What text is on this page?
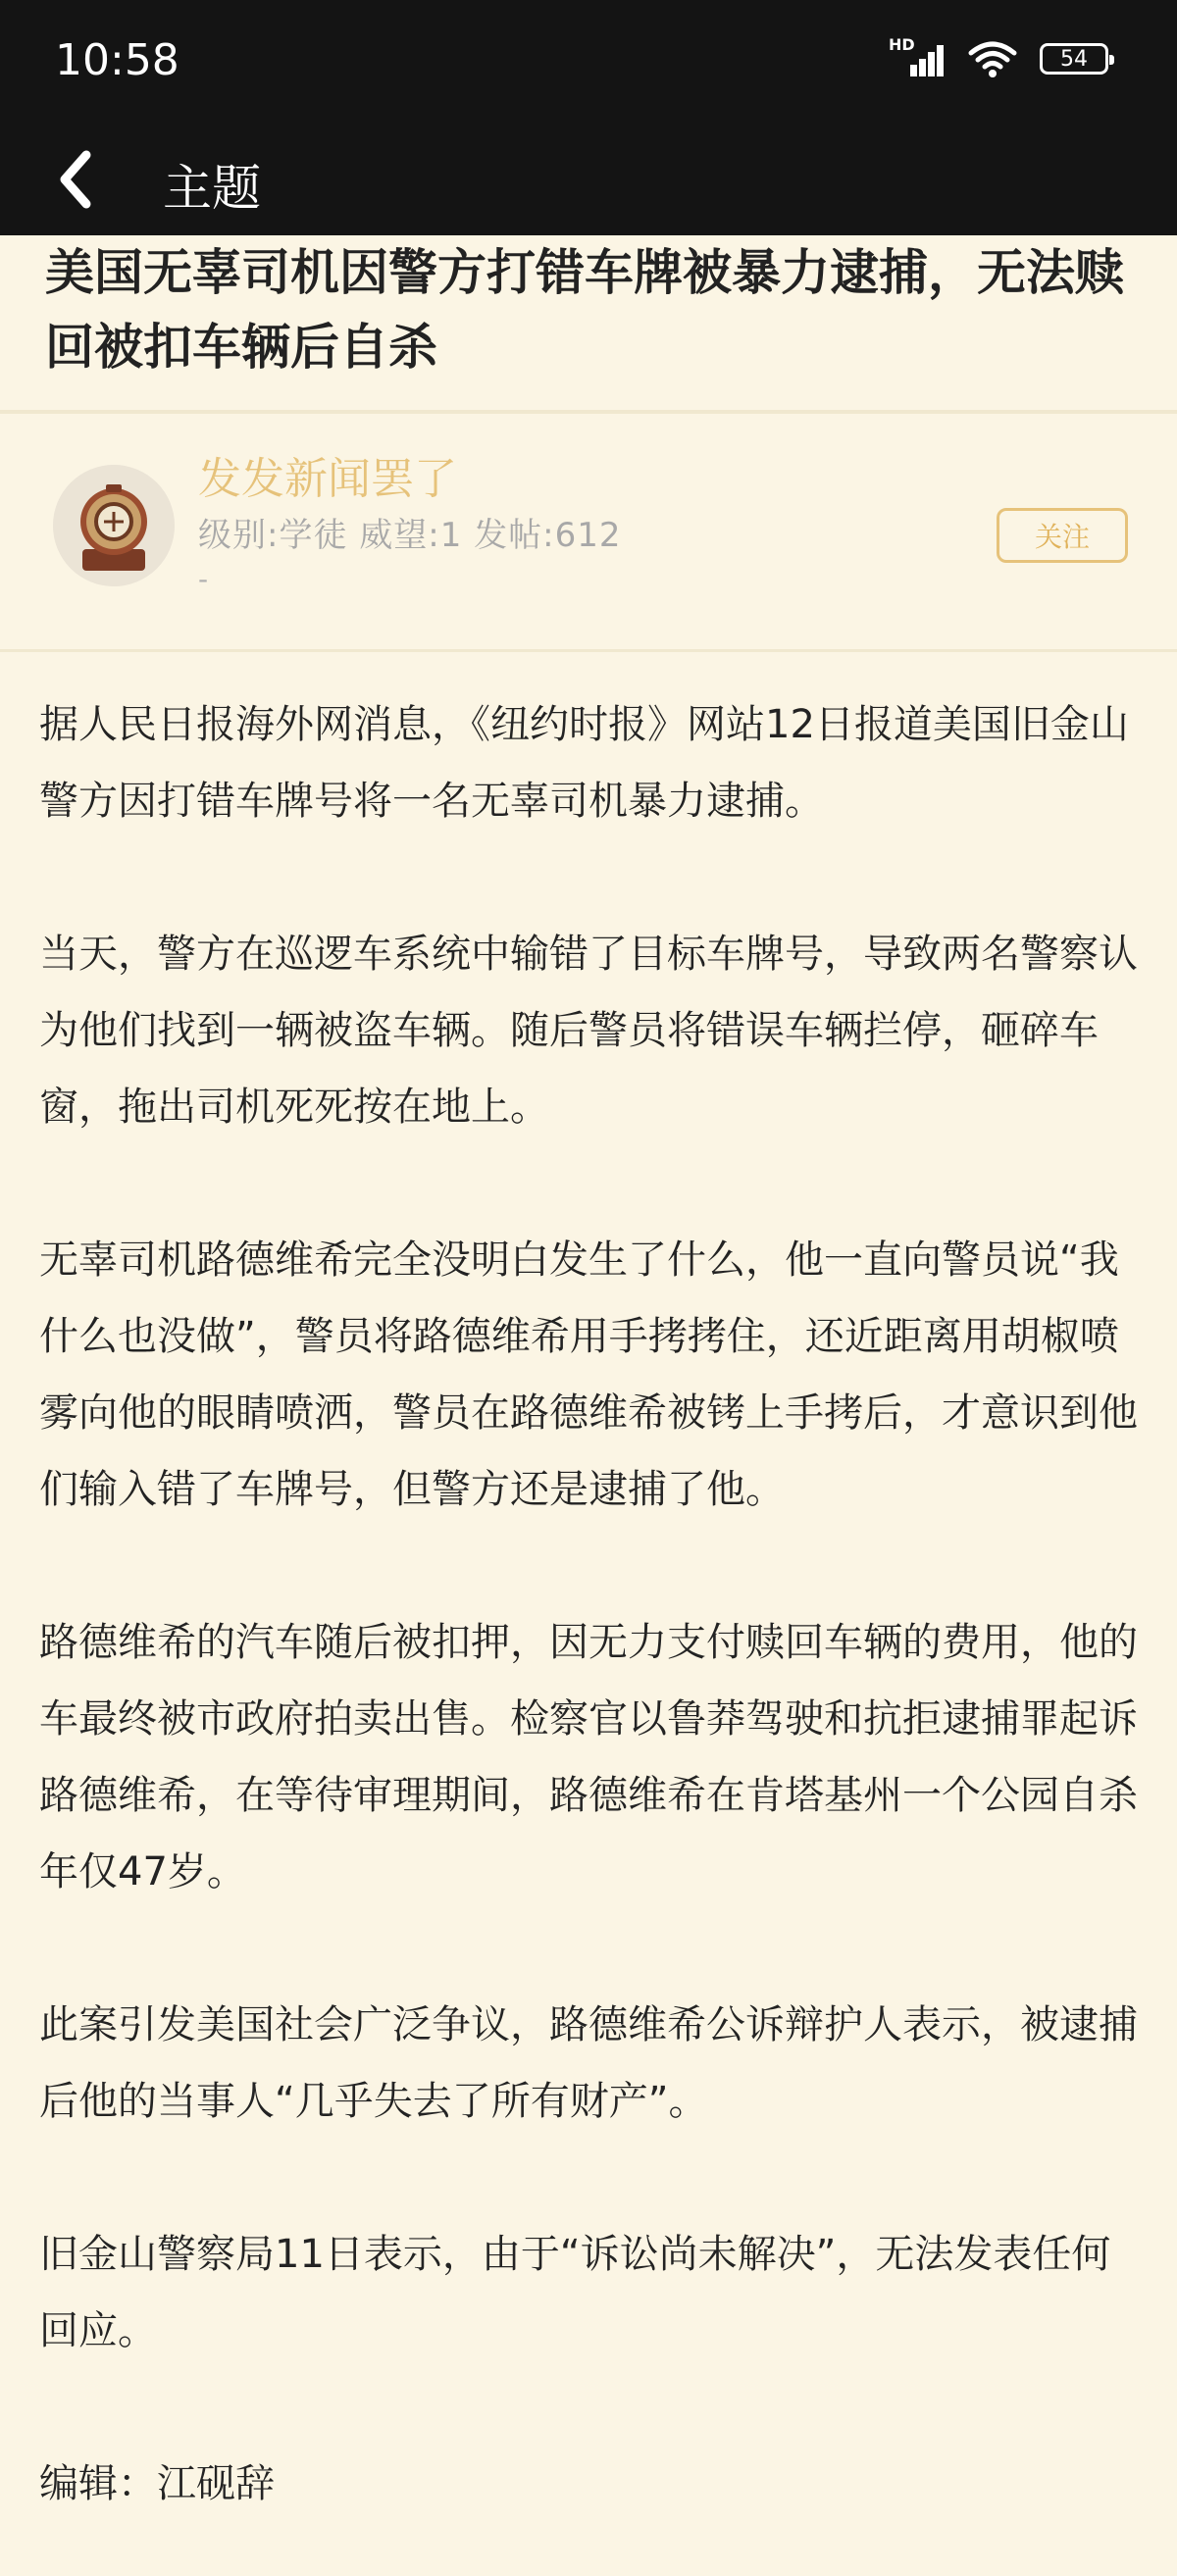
10:58	HD
54
主题
美国无辜司机因警方打错车牌被暴力逮捕，无法赎回被扣车辆后自杀
发发新闻罢了
级别:学徒 威望:1 发帖:612
-
关注

据人民日报海外网消息，《纽约时报》网站12日报道美国旧金山警方因打错车牌号将一名无辜司机暴力逮捕。

当天，警方在巡逻车系统中输错了目标车牌号，导致两名警察认为他们找到一辆被盗车辆。随后警员将错误车辆拦停，砸碎车窗，拖出司机死死按在地上。

无辜司机路德维希完全没明白发生了什么，他一直向警员说“我什么也没做”，警员将路德维希用手拷拷住，还近距离用胡椒喷雾向他的眼睛喷洒，警员在路德维希被铐上手拷后，才意识到他们输入错了车牌号，但警方还是逮捕了他。

路德维希的汽车随后被扣押，因无力支付赎回车辆的费用，他的车最终被市政府拍卖出售。检察官以鲁莽驾驶和抗拒逮捕罪起诉路德维希，在等待审理期间，路德维希在肯塔基州一个公园自杀年仅47岁。

此案引发美国社会广泛争议，路德维希公诉辩护人表示，被逮捕后他的当事人“几乎失去了所有财产”。

旧金山警察局11日表示，由于“诉讼尚未解决”，无法发表任何回应。

编辑：江砚辞
